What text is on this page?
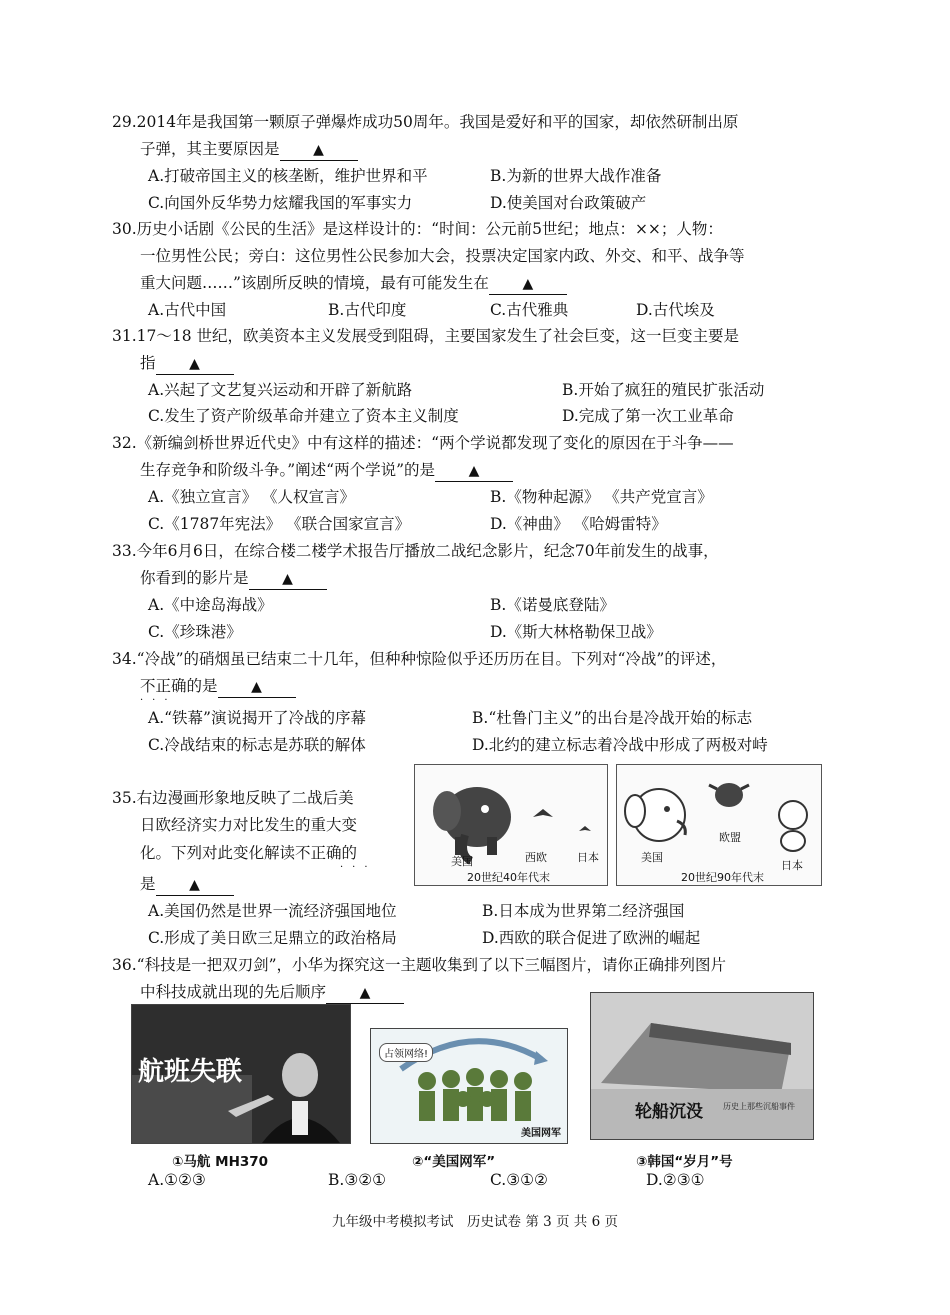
29.2014年是我国第一颗原子弹爆炸成功50周年。我国是爱好和平的国家，却依然研制出原
子弹，其主要原因是 ▲
A.打破帝国主义的核垄断，维护世界和平	B.为新的世界大战作准备
C.向国外反华势力炫耀我国的军事实力	D.使美国对台政策破产
30.历史小话剧《公民的生活》是这样设计的：“时间：公元前5世纪；地点：××；人物：
一位男性公民；旁白：这位男性公民参加大会，投票决定国家内政、外交、和平、战争等
重大问题……”该剧所反映的情境，最有可能发生在 ▲
A.古代中国	B.古代印度	C.古代雅典	D.古代埃及
31.17～18 世纪，欧美资本主义发展受到阻碍，主要国家发生了社会巨变，这一巨变主要是
指 ▲
A.兴起了文艺复兴运动和开辟了新航路	B.开始了疯狂的殖民扩张活动
C.发生了资产阶级革命并建立了资本主义制度	D.完成了第一次工业革命
32.《新编剑桥世界近代史》中有这样的描述：“两个学说都发现了变化的原因在于斗争——
生存竞争和阶级斗争。”阐述“两个学说”的是 ▲
A.《独立宣言》 《人权宣言》	B.《物种起源》 《共产党宣言》
C.《1787年宪法》 《联合国家宣言》	D.《神曲》 《哈姆雷特》
33.今年6月6日，在综合楼二楼学术报告厅播放二战纪念影片，纪念70年前发生的战事，
你看到的影片是 ▲
A.《中途岛海战》	B.《诺曼底登陆》
C.《珍珠港》	D.《斯大林格勒保卫战》
34.“冷战”的硝烟虽已结束二十几年，但种种惊险似乎还历历在目。下列对“冷战”的评述，
不正确的是 ▲
···
A.“铁幕”演说揭开了冷战的序幕	B.“杜鲁门主义”的出台是冷战开始的标志
C.冷战结束的标志是苏联的解体	D.北约的建立标志着冷战中形成了两极对峙
35.右边漫画形象地反映了二战后美
日欧经济实力对比发生的重大变
化。下列对此变化解读不正确的
···
是 ▲
美国	西欧	日本
20世纪40年代末
美国
欧盟
日本
20世纪90年代末
A.美国仍然是世界一流经济强国地位	B.日本成为世界第二经济强国
C.形成了美日欧三足鼎立的政治格局	D.西欧的联合促进了欧洲的崛起
36.“科技是一把双刃剑”，小华为探究这一主题收集到了以下三幅图片，请你正确排列图片
中科技成就出现的先后顺序 ▲
航班失联
占领网络!
美国网军
轮船沉没	历史上那些沉船事件
①马航 MH370	②“美国网军”	③韩国“岁月”号
A.①②③	B.③②①	C.③①②	D.②③①
九年级中考模拟考试　历史试卷 第 3 页 共 6 页
